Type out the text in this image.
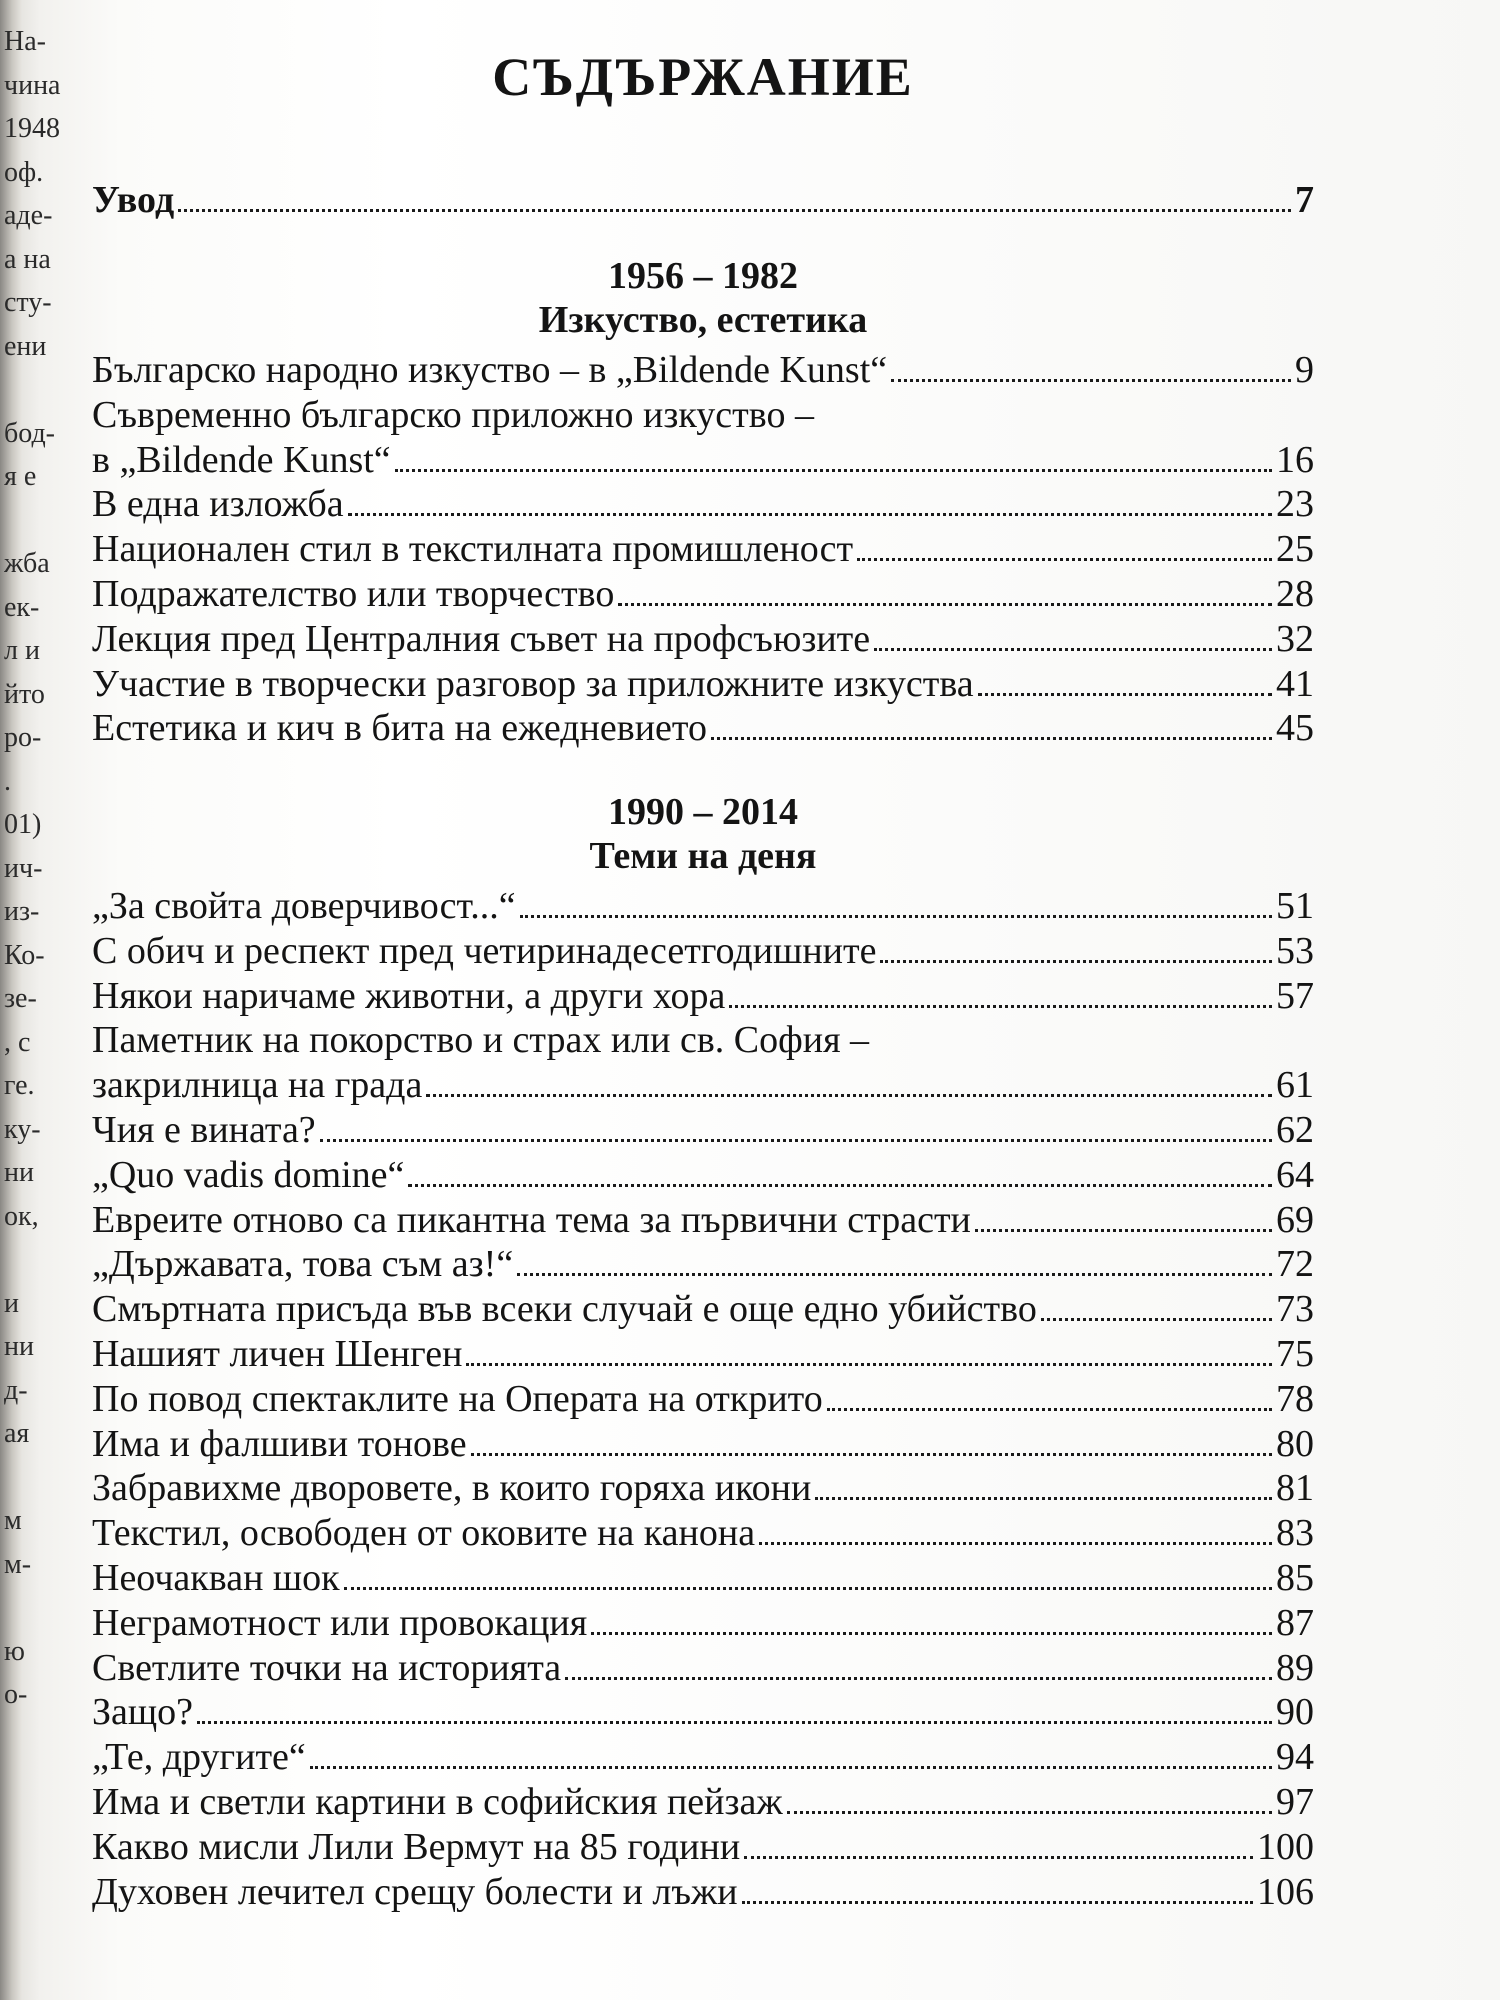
На-
чина
1948
оф.
аде-
а на
сту-
ени

бод-
я е

жба
ек-
л и
йто
ро-
.
01)
ич-
из-
Ко-
зе-
, с
ге.
ку-
ни
ок,

и
ни
д-
ая

м
м-

ю
о-
СЪДЪРЖАНИЕ
Увод	7
1956 – 1982
Изкуство, естетика
Българско народно изкуство – в „Bildende Kunst“	9
Съвременно българско приложно изкуство –
в „Bildende Kunst“	16
В една изложба	23
Национален стил в текстилната промишленост	25
Подражателство или творчество	28
Лекция пред Централния съвет на профсъюзите	32
Участие в творчески разговор за приложните изкуства	41
Естетика и кич в бита на ежедневието	45
1990 – 2014
Теми на деня
„За свойта доверчивост...“	51
С обич и респект пред четиринадесетгодишните	53
Някои наричаме животни, а други хора	57
Паметник на покорство и страх или св. София –
закрилница на града	61
Чия е вината?	62
„Quo vadis domine“	64
Евреите отново са пикантна тема за първични страсти	69
„Държавата, това съм аз!“	72
Смъртната присъда във всеки случай е още едно убийство	73
Нашият личен Шенген	75
По повод спектаклите на Операта на открито	78
Има и фалшиви тонове	80
Забравихме дворовете, в които горяха икони	81
Текстил, освободен от оковите на канона	83
Неочакван шок	85
Неграмотност или провокация	87
Светлите точки на историята	89
Защо?	90
„Те, другите“	94
Има и светли картини в софийския пейзаж	97
Какво мисли Лили Вермут на 85 години	100
Духовен лечител срещу болести и лъжи	106
